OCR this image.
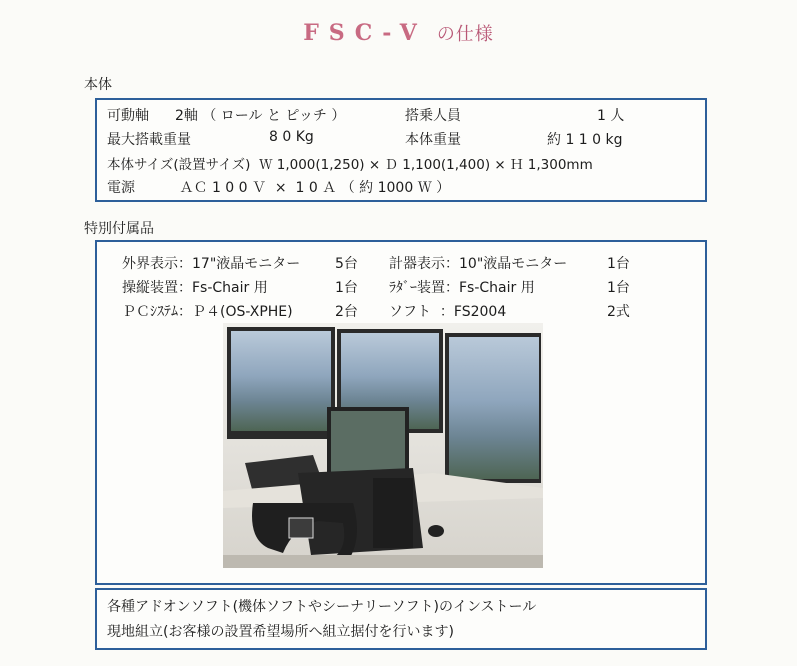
FSC-V の仕様
本体
可動軸 2軸 （ ロール と ピッチ ）	搭乗人員	1 人
最大搭載重量	8 0 Kg	本体重量	約 1 1 0 kg
本体サイズ(設置サイズ)  Ｗ 1,000(1,250) × Ｄ 1,100(1,400) × Ｈ 1,300mm
電源          ＡＣ 1 0 0 Ｖ  ×  1 0 Ａ （ 約 1000 Ｗ ）
特別付属品
外界表示：17"液晶モニター 5台 計器表示：10"液晶モニター	1台
操縦装置：Fs-Chair 用	1台 ﾗﾀﾞｰ装置：Fs-Chair 用	1台
ＰＣｼｽﾃﾑ：Ｐ４(OS-XPHE)	2台 ソフト  ：FS2004	2式
各種アドオンソフト(機体ソフトやシーナリーソフト)のインストール
現地組立(お客様の設置希望場所へ組立据付を行います)
